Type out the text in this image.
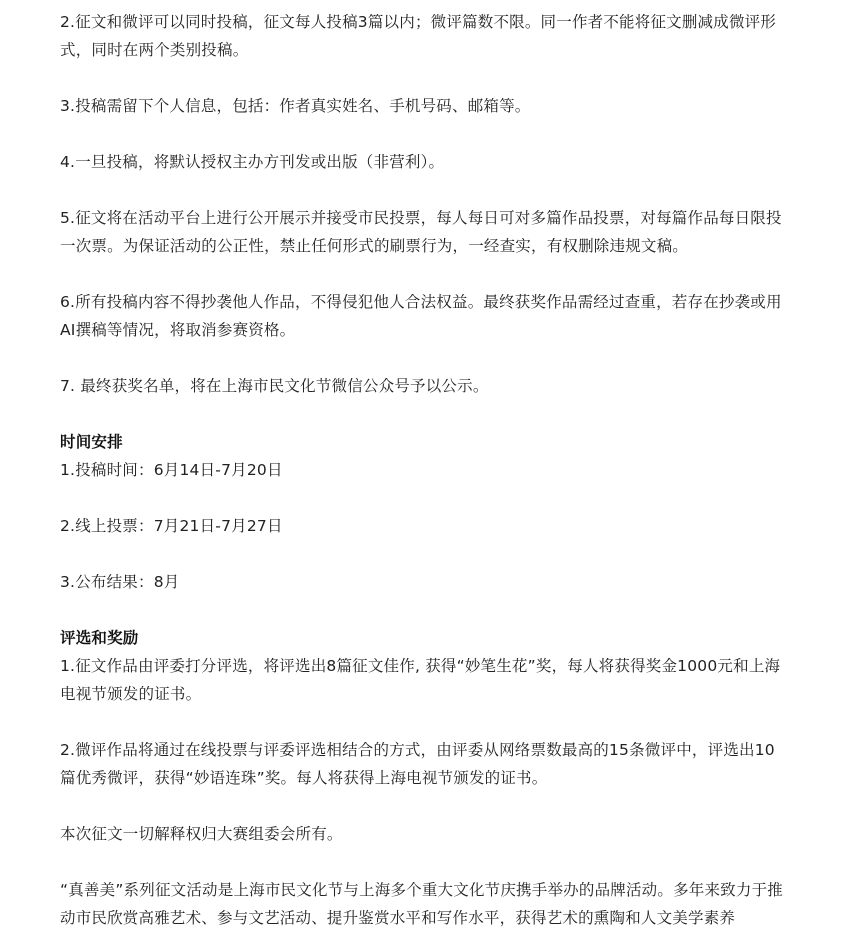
2.征文和微评可以同时投稿，征文每人投稿3篇以内；微评篇数不限。同一作者不能将征文删减成微评形式，同时在两个类别投稿。

3.投稿需留下个人信息，包括：作者真实姓名、手机号码、邮箱等。

4.一旦投稿，将默认授权主办方刊发或出版（非营利）。

5.征文将在活动平台上进行公开展示并接受市民投票，每人每日可对多篇作品投票，对每篇作品每日限投一次票。为保证活动的公正性，禁止任何形式的刷票行为，一经查实，有权删除违规文稿。

6.所有投稿内容不得抄袭他人作品，不得侵犯他人合法权益。最终获奖作品需经过查重，若存在抄袭或用AI撰稿等情况，将取消参赛资格。

7. 最终获奖名单，将在上海市民文化节微信公众号予以公示。

时间安排

1.投稿时间：6月14日-7月20日

2.线上投票：7月21日-7月27日

3.公布结果：8月

评选和奖励

1.征文作品由评委打分评选，将评选出8篇征文佳作, 获得“妙笔生花”奖，每人将获得奖金1000元和上海电视节颁发的证书。

2.微评作品将通过在线投票与评委评选相结合的方式，由评委从网络票数最高的15条微评中，评选出10篇优秀微评，获得“妙语连珠”奖。每人将获得上海电视节颁发的证书。

本次征文一切解释权归大赛组委会所有。

“真善美”系列征文活动是上海市民文化节与上海多个重大文化节庆携手举办的品牌活动。多年来致力于推动市民欣赏高雅艺术、参与文艺活动、提升鉴赏水平和写作水平，获得艺术的熏陶和人文美学素养
